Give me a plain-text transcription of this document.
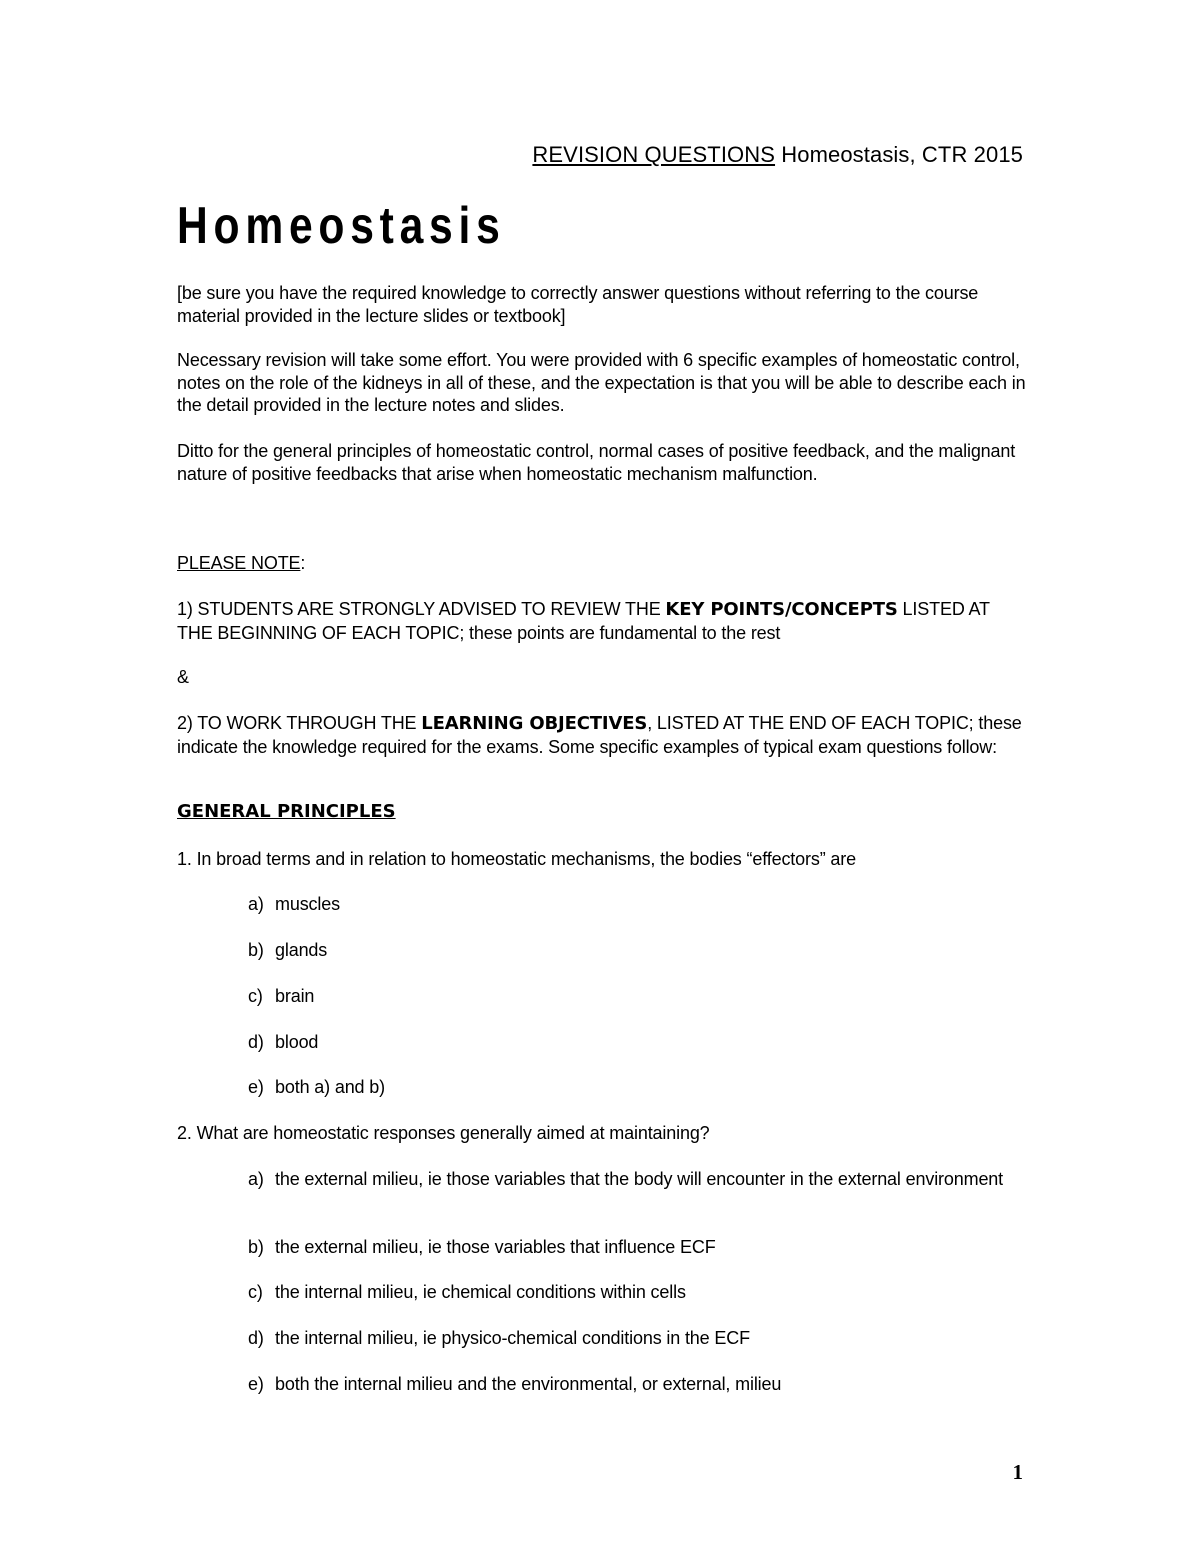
REVISION QUESTIONS Homeostasis, CTR 2015
Homeostasis
[be sure you have the required knowledge to correctly answer questions without referring to the course material provided in the lecture slides or textbook]
Necessary revision will take some effort. You were provided with 6 specific examples of homeostatic control, notes on the role of the kidneys in all of these, and the expectation is that you will be able to describe each in the detail provided in the lecture notes and slides.
Ditto for the general principles of homeostatic control, normal cases of positive feedback, and the malignant nature of positive feedbacks that arise when homeostatic mechanism malfunction.
PLEASE NOTE:
1) STUDENTS ARE STRONGLY ADVISED TO REVIEW THE KEY POINTS/CONCEPTS LISTED AT THE BEGINNING OF EACH TOPIC; these points are fundamental to the rest
&
2) TO WORK THROUGH THE LEARNING OBJECTIVES, LISTED AT THE END OF EACH TOPIC; these indicate the knowledge required for the exams. Some specific examples of typical exam questions follow:
GENERAL PRINCIPLES
1. In broad terms and in relation to homeostatic mechanisms, the bodies “effectors” are
a) muscles
b) glands
c) brain
d) blood
e) both a) and b)
2. What are homeostatic responses generally aimed at maintaining?
a) the external milieu, ie those variables that the body will encounter in the external environment
b) the external milieu, ie those variables that influence ECF
c) the internal milieu, ie chemical conditions within cells
d) the internal milieu, ie physico-chemical conditions in the ECF
e) both the internal milieu and the environmental, or external, milieu
1
